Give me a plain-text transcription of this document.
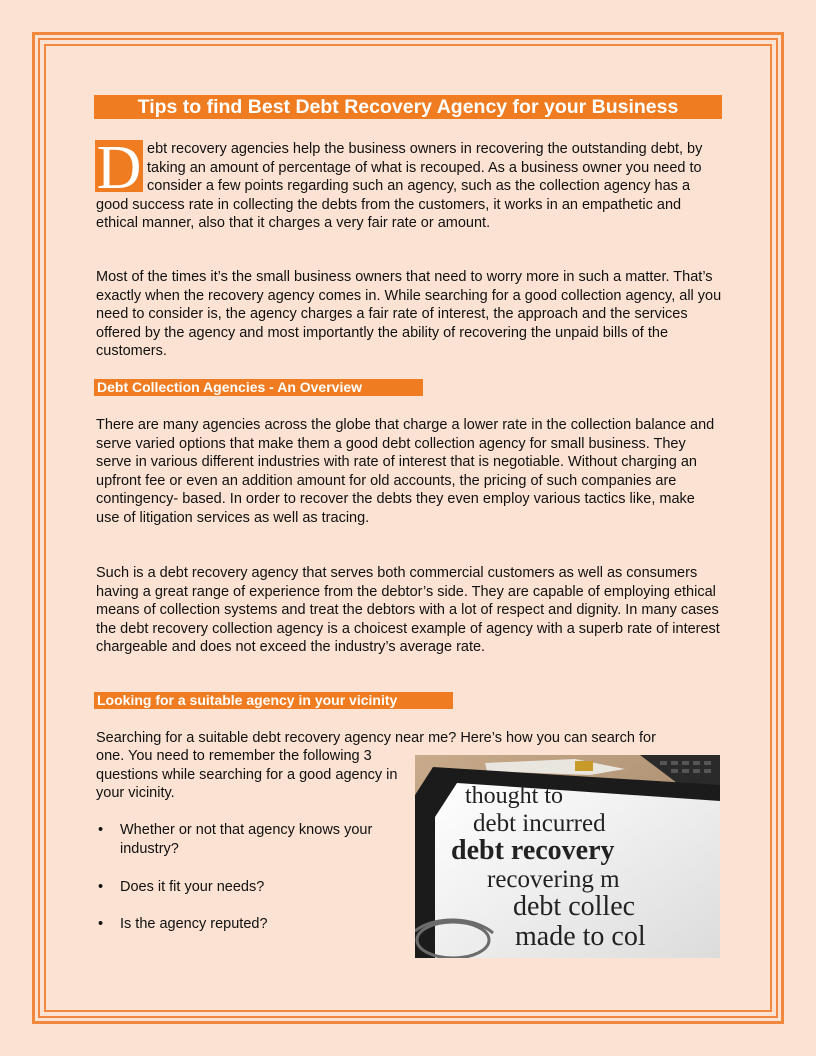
Tips to find Best Debt Recovery Agency for your Business

D ebt recovery agencies help the business owners in recovering the outstanding debt, by taking an amount of percentage of what is recouped. As a business owner you need to consider a few points regarding such an agency, such as the collection agency has a good success rate in collecting the debts from the customers, it works in an empathetic and ethical manner, also that it charges a very fair rate or amount.

Most of the times it’s the small business owners that need to worry more in such a matter. That’s exactly when the recovery agency comes in. While searching for a good collection agency, all you need to consider is, the agency charges a fair rate of interest, the approach and the services offered by the agency and most importantly the ability of recovering the unpaid bills of the customers.

Debt Collection Agencies - An Overview

There are many agencies across the globe that charge a lower rate in the collection balance and serve varied options that make them a good debt collection agency for small business. They serve in various different industries with rate of interest that is negotiable. Without charging an upfront fee or even an addition amount for old accounts, the pricing of such companies are contingency- based. In order to recover the debts they even employ various tactics like, make use of litigation services as well as tracing.

Such is a debt recovery agency that serves both commercial customers as well as consumers having a great range of experience from the debtor’s side. They are capable of employing ethical means of collection systems and treat the debtors with a lot of respect and dignity. In many cases the debt recovery collection agency is a choicest example of agency with a superb rate of interest chargeable and does not exceed the industry’s average rate.

Looking for a suitable agency in your vicinity

Searching for a suitable debt recovery agency near me? Here’s how you can search for

one. You need to remember the following 3 questions while searching for a good agency in your vicinity.

• Whether or not that agency knows your industry?
• Does it fit your needs?
• Is the agency reputed?
thought to
debt incurred
debt recovery
recovering m
debt collec
made to col
